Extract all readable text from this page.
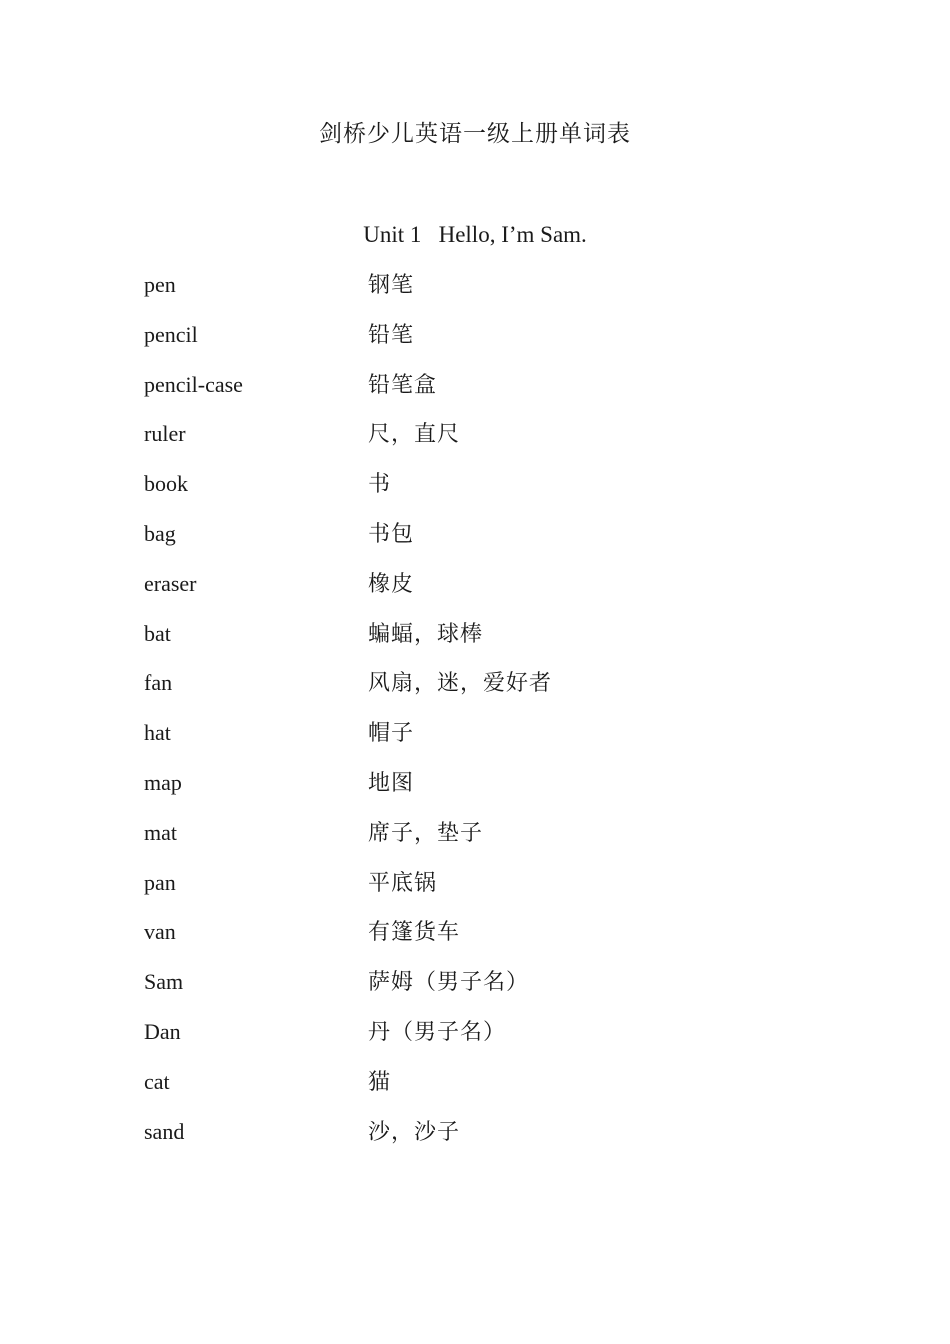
剑桥少儿英语一级上册单词表
Unit 1   Hello, I’m Sam.
pen	钢笔
pencil	铅笔
pencil-case	铅笔盒
ruler	尺，直尺
book	书
bag	书包
eraser	橡皮
bat	蝙蝠，球棒
fan	风扇，迷，爱好者
hat	帽子
map	地图
mat	席子，垫子
pan	平底锅
van	有篷货车
Sam	萨姆（男子名）
Dan	丹（男子名）
cat	猫
sand	沙，沙子
